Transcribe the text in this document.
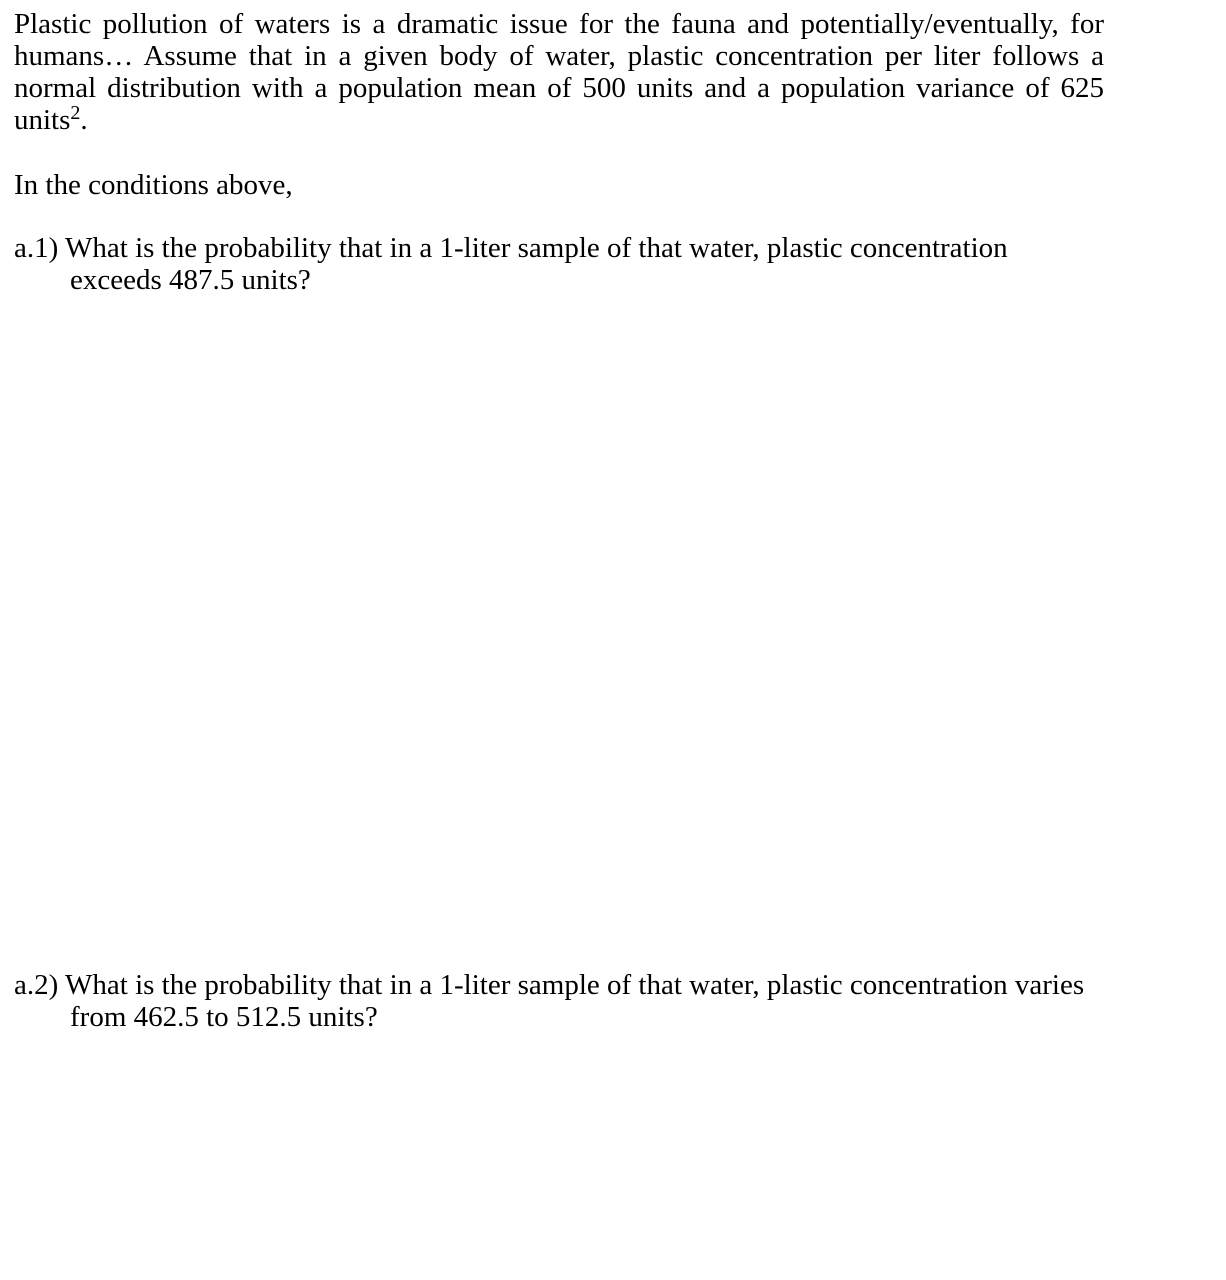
Plastic pollution of waters is a dramatic issue for the fauna and potentially/eventually, for humans… Assume that in a given body of water, plastic concentration per liter follows a normal distribution with a population mean of 500 units and a population variance of 625 units$^2$.

In the conditions above,

a.1) What is the probability that in a 1-liter sample of that water, plastic concentration exceeds 487.5 units?

a.2) What is the probability that in a 1-liter sample of that water, plastic concentration varies from 462.5 to 512.5 units?
